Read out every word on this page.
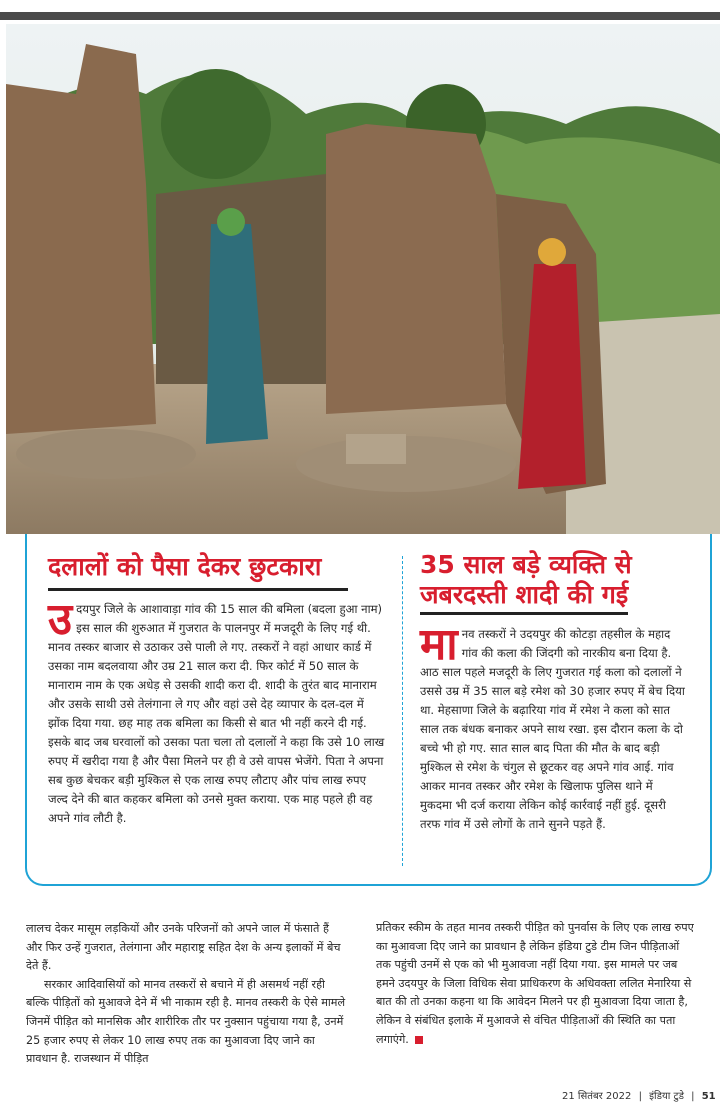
दलालों को पैसा देकर छुटकारा
उदयपुर जिले के आशावाड़ा गांव की 15 साल की बमिला (बदला हुआ नाम) इस साल की शुरुआत में गुजरात के पालनपुर में मजदूरी के लिए गई थी. मानव तस्कर बाजार से उठाकर उसे पाली ले गए. तस्करों ने वहां आधार कार्ड में उसका नाम बदलवाया और उम्र 21 साल करा दी. फिर कोर्ट में 50 साल के मानाराम नाम के एक अधेड़ से उसकी शादी करा दी. शादी के तुरंत बाद मानाराम और उसके साथी उसे तेलंगाना ले गए और वहां उसे देह व्यापार के दल-दल में झोंक दिया गया. छह माह तक बमिला का किसी से बात भी नहीं करने दी गई. इसके बाद जब घरवालों को उसका पता चला तो दलालों ने कहा कि उसे 10 लाख रुपए में खरीदा गया है और पैसा मिलने पर ही वे उसे वापस भेजेंगे. पिता ने अपना सब कुछ बेचकर बड़ी मुश्किल से एक लाख रुपए लौटाए और पांच लाख रुपए जल्द देने की बात कहकर बमिला को उनसे मुक्त कराया. एक माह पहले ही वह अपने गांव लौटी है.
35 साल बड़े व्यक्ति से
जबरदस्ती शादी की गई
मानव तस्करों ने उदयपुर की कोटड़ा तहसील के महाद गांव की कला की जिंदगी को नारकीय बना दिया है. आठ साल पहले मजदूरी के लिए गुजरात गई कला को दलालों ने उससे उम्र में 35 साल बड़े रमेश को 30 हजार रुपए में बेच दिया था. मेहसाणा जिले के बढ़ारिया गांव में रमेश ने कला को सात साल तक बंधक बनाकर अपने साथ रखा. इस दौरान कला के दो बच्चे भी हो गए. सात साल बाद पिता की मौत के बाद बड़ी मुश्किल से रमेश के चंगुल से छूटकर वह अपने गांव आई. गांव आकर मानव तस्कर और रमेश के खिलाफ पुलिस थाने में मुकदमा भी दर्ज कराया लेकिन कोई कार्रवाई नहीं हुई. दूसरी तरफ गांव में उसे लोगों के ताने सुनने पड़ते हैं.

लालच देकर मासूम लड़कियों और उनके परिजनों को अपने जाल में फंसाते हैं और फिर उन्हें गुजरात, तेलंगाना और महाराष्ट्र सहित देश के अन्य इलाकों में बेच देते हैं.

सरकार आदिवासियों को मानव तस्करों से बचाने में ही असमर्थ नहीं रही बल्कि पीड़ितों को मुआवजे देने में भी नाकाम रही है. मानव तस्करी के ऐसे मामले जिनमें पीड़ित को मानसिक और शारीरिक तौर पर नुक्सान पहुंचाया गया है, उनमें 25 हजार रुपए से लेकर 10 लाख रुपए तक का मुआवजा दिए जाने का प्रावधान है. राजस्थान में पीड़ित

प्रतिकर स्कीम के तहत मानव तस्करी पीड़ित को पुनर्वास के लिए एक लाख रुपए का मुआवजा दिए जाने का प्रावधान है लेकिन इंडिया टुडे टीम जिन पीड़िताओं तक पहुंची उनमें से एक को भी मुआवजा नहीं दिया गया. इस मामले पर जब हमने उदयपुर के जिला विधिक सेवा प्राधिकरण के अधिवक्ता ललित मेनारिया से बात की तो उनका कहना था कि आवेदन मिलने पर ही मुआवजा दिया जाता है, लेकिन वे संबंधित इलाके में मुआवजे से वंचित पीड़िताओं की स्थिति का पता लगाएंगे.

21 सितंबर 2022 | इंडिया टुडे | 51
